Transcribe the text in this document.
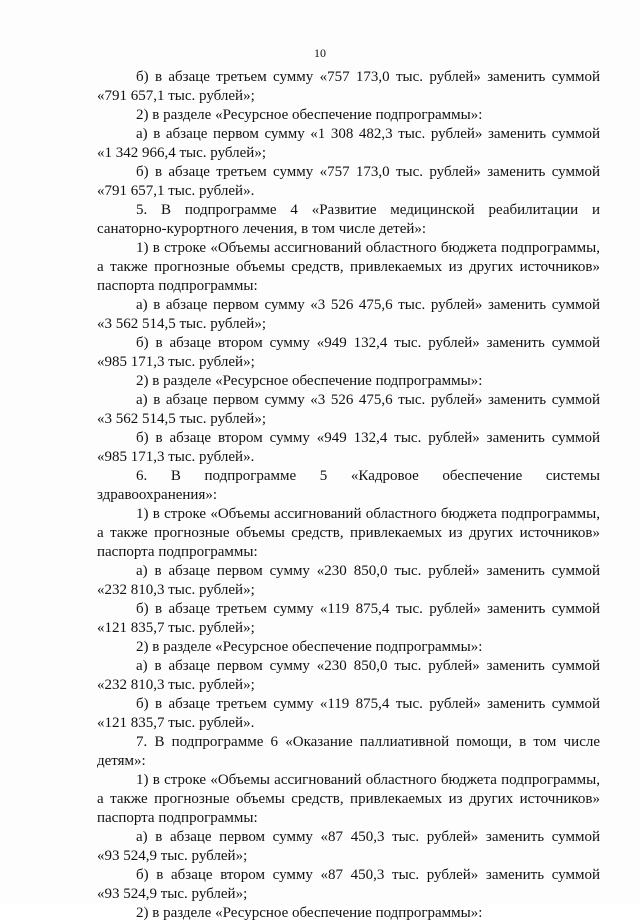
10
б) в абзаце третьем сумму «757 173,0 тыс. рублей» заменить суммой
«791 657,1 тыс. рублей»;
2) в разделе «Ресурсное обеспечение подпрограммы»:
а) в абзаце первом сумму «1 308 482,3 тыс. рублей» заменить суммой
«1 342 966,4 тыс. рублей»;
б) в абзаце третьем сумму «757 173,0 тыс. рублей» заменить суммой
«791 657,1 тыс. рублей».
5. В подпрограмме 4 «Развитие медицинской реабилитации и
санаторно-курортного лечения, в том числе детей»:
1) в строке «Объемы ассигнований областного бюджета подпрограммы,
а также прогнозные объемы средств, привлекаемых из других источников»
паспорта подпрограммы:
а) в абзаце первом сумму «3 526 475,6 тыс. рублей» заменить суммой
«3 562 514,5 тыс. рублей»;
б) в абзаце втором сумму «949 132,4 тыс. рублей» заменить суммой
«985 171,3 тыс. рублей»;
2) в разделе «Ресурсное обеспечение подпрограммы»:
а) в абзаце первом сумму «3 526 475,6 тыс. рублей» заменить суммой
«3 562 514,5 тыс. рублей»;
б) в абзаце втором сумму «949 132,4 тыс. рублей» заменить суммой
«985 171,3 тыс. рублей».
6. В подпрограмме 5 «Кадровое обеспечение системы
здравоохранения»:
1) в строке «Объемы ассигнований областного бюджета подпрограммы,
а также прогнозные объемы средств, привлекаемых из других источников»
паспорта подпрограммы:
а) в абзаце первом сумму «230 850,0 тыс. рублей» заменить суммой
«232 810,3 тыс. рублей»;
б) в абзаце третьем сумму «119 875,4 тыс. рублей» заменить суммой
«121 835,7 тыс. рублей»;
2) в разделе «Ресурсное обеспечение подпрограммы»:
а) в абзаце первом сумму «230 850,0 тыс. рублей» заменить суммой
«232 810,3 тыс. рублей»;
б) в абзаце третьем сумму «119 875,4 тыс. рублей» заменить суммой
«121 835,7 тыс. рублей».
7. В подпрограмме 6 «Оказание паллиативной помощи, в том числе
детям»:
1) в строке «Объемы ассигнований областного бюджета подпрограммы,
а также прогнозные объемы средств, привлекаемых из других источников»
паспорта подпрограммы:
а) в абзаце первом сумму «87 450,3 тыс. рублей» заменить суммой
«93 524,9 тыс. рублей»;
б) в абзаце втором сумму «87 450,3 тыс. рублей» заменить суммой
«93 524,9 тыс. рублей»;
2) в разделе «Ресурсное обеспечение подпрограммы»:
